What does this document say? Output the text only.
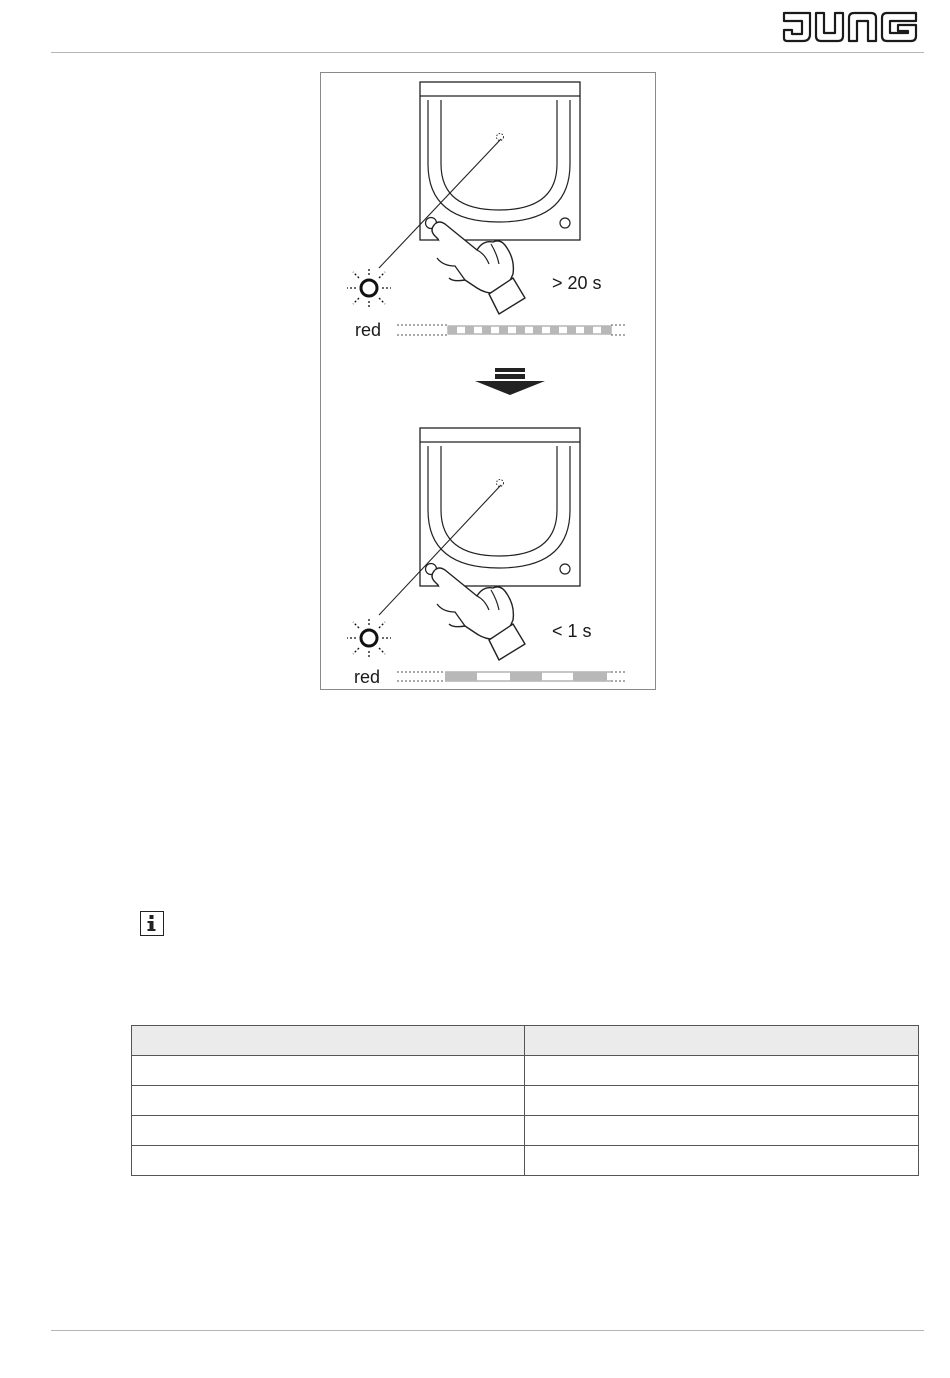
> 20 s
red
< 1 s
red
